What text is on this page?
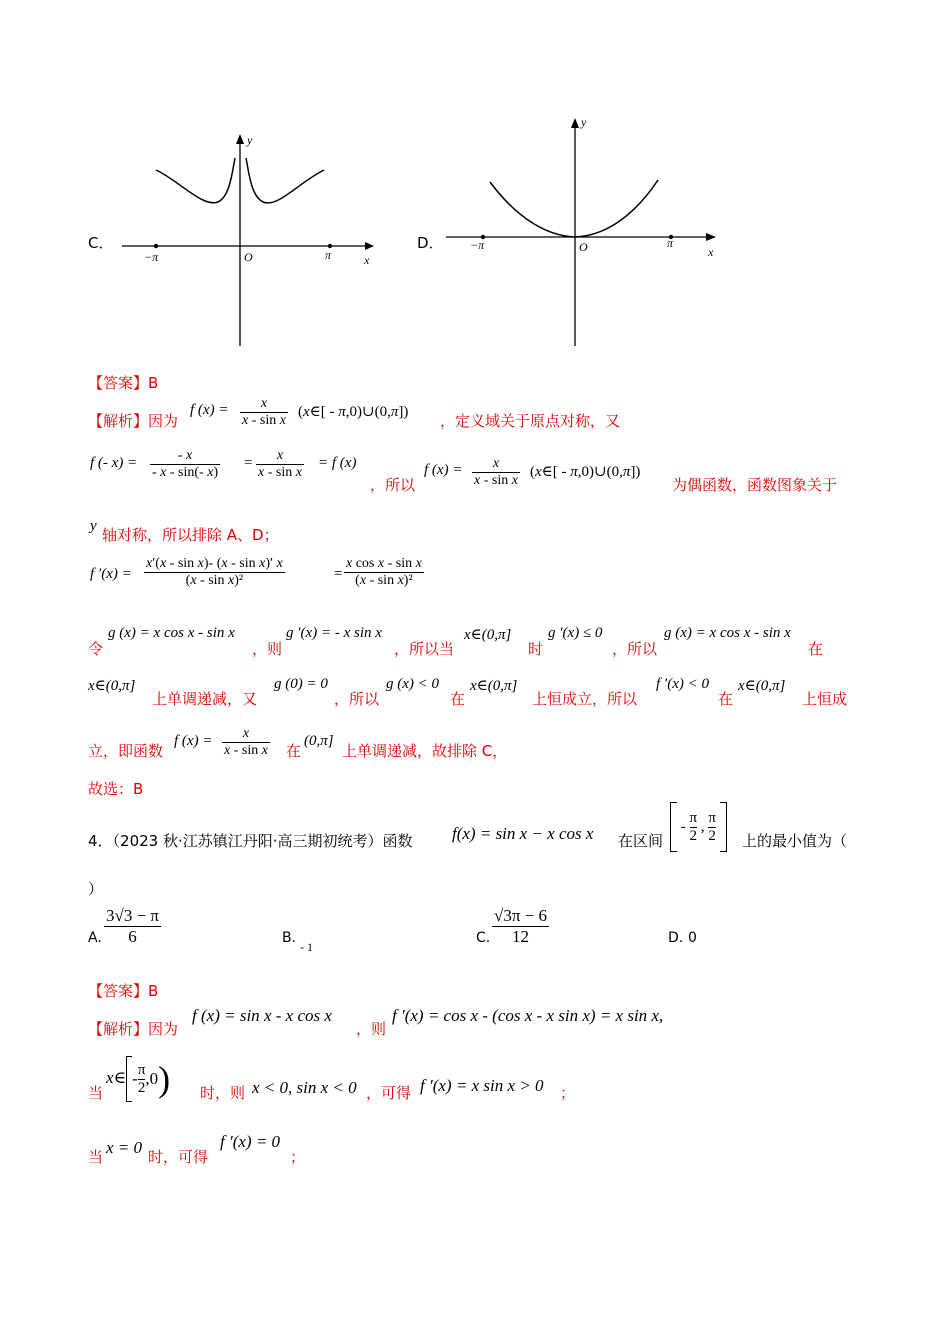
C．
−π	π
O	x
y
D． −π	π
O	x
y
【答案】B
【解析】因为
f (x) =	x
x - sin x
(x∈[ - π,0)∪(0,π]) ，定义域关于原点对称，又
f (- x) =	- x
- x - sin(- x)
=	x
x - sin x
= f (x)
，所以
f (x) =	x
x - sin x
(x∈[ - π,0)∪(0,π])
为偶函数，函数图象关于
y 轴对称，所以排除 A、D；
f ′(x) =
x′(x - sin x)- (x - sin x)′ x
(x - sin x)²	=
x cos x - sin x
(x - sin x)²
令
g (x) = x cos x - sin x
，则
g ′(x) = - x sin x
，所以当
x∈(0,π]
时
g ′(x) ≤ 0
，所以
g (x) = x cos x - sin x
在
x∈(0,π]
上单调递减，又
g (0) = 0
，所以
g (x) < 0
在
x∈(0,π]
上恒成立，所以
f ′(x) < 0
在
x∈(0,π]
上恒成
立，即函数
f (x) =	x
x - sin x 在
(0,π]
上单调递减，故排除 C，
故选：B
4．（2023 秋·江苏镇江丹阳·高三期初统考）函数 f(x) = sin x − x cos x 在区间
- $\frac{\pi}{2}$ , $\frac{\pi}{2}$
上的最小值为（
）
A.
3√3 − π
6	B.
- 1
C.
√3π − 6
12	D. 0
【答案】B
【解析】因为
f (x) = sin x - x cos x
，则
f ′(x) = cos x - (cos x - x sin x) = x sin x,
当
x∈ - $\frac{\pi}{2} ,0$) 时，则 x < 0, sin x < 0 ，可得 f ′(x) = x sin x > 0 ；
当 x = 0 时，可得
f ′(x) = 0
；
